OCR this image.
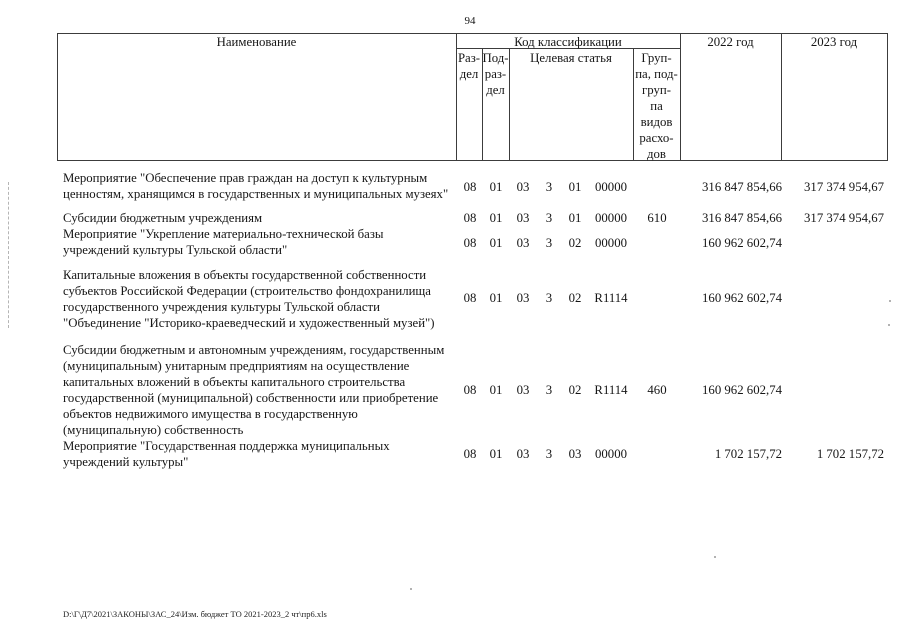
94
Наименование	Код классификации	2022 год	2023 год
Раз-
дел
Под-
раз-
дел
Целевая статья	Груп-
па, под-
груп-
па
видов
расхо-
дов
Мероприятие "Обеспечение прав граждан на доступ к культурным
ценностям, хранящимся в государственных и муниципальных музеях"	08	01	03	3	01	00000	316 847 854,66	317 374 954,67
Субсидии бюджетным учреждениям	08	01	03	3	01	00000	610	316 847 854,66	317 374 954,67
Мероприятие "Укрепление материально-технической базы
учреждений культуры Тульской области"	08	01	03	3	02	00000	160 962 602,74
Капитальные вложения в объекты государственной собственности
субъектов Российской Федерации (строительство фондохранилища
государственного учреждения культуры Тульской области
"Объединение "Историко-краеведческий и художественный музей")
08	01	03	3	02	R1114	160 962 602,74
Субсидии бюджетным и автономным учреждениям, государственным
(муниципальным) унитарным предприятиям на осуществление
капитальных вложений в объекты капитального строительства
государственной (муниципальной) собственности или приобретение
объектов недвижимого имущества в государственную
(муниципальную) собственность
08	01	03	3	02	R1114	460	160 962 602,74
Мероприятие "Государственная поддержка муниципальных
учреждений культуры"
08	01	03	3	03	00000	1 702 157,72	1 702 157,72
D:\Г\Д7\2021\ЗАКОНЫ\ЗАС_24\Изм. бюджет ТО 2021-2023_2 чт\пр6.xls
